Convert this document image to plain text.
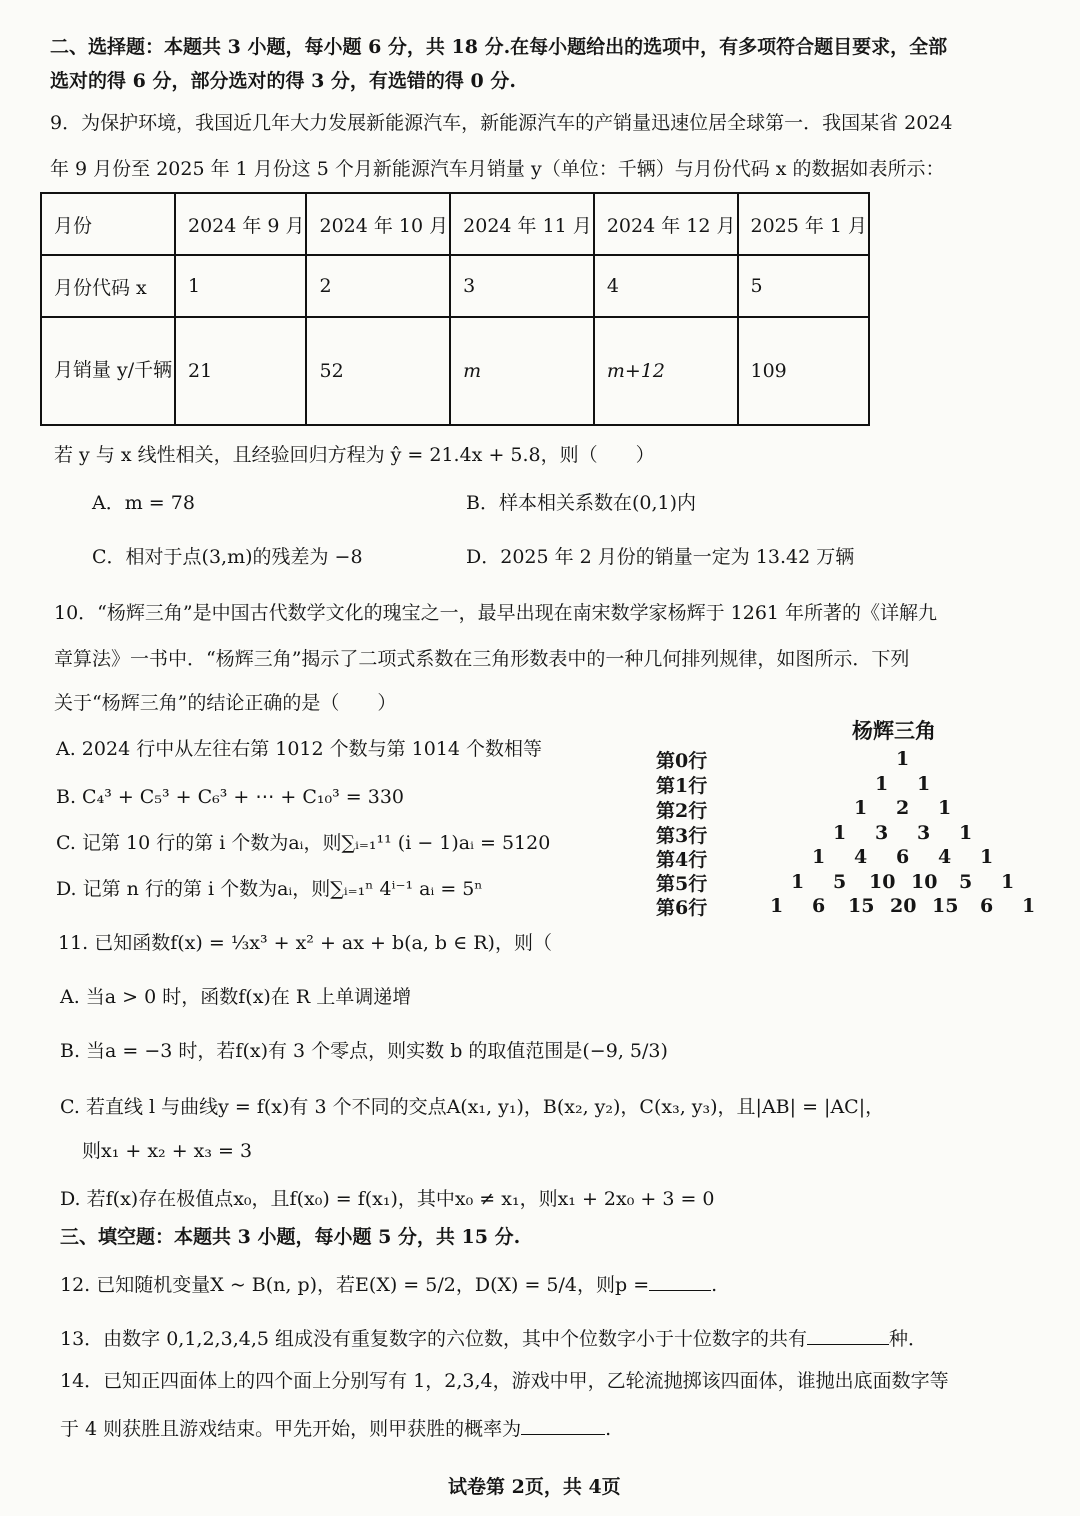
二、选择题：本题共 3 小题，每小题 6 分，共 18 分.在每小题给出的选项中，有多项符合题目要求，全部
选对的得 6 分，部分选对的得 3 分，有选错的得 0 分.
9．为保护环境，我国近几年大力发展新能源汽车，新能源汽车的产销量迅速位居全球第一．我国某省 2024
年 9 月份至 2025 年 1 月份这 5 个月新能源汽车月销量 y（单位：千辆）与月份代码 x 的数据如表所示：
月份	2024 年 9 月	2024 年 10 月	2024 年 11 月	2024 年 12 月	2025 年 1 月
月份代码 x	1	2	3	4	5
月销量 y/千辆	21	52	m	m+12	109
若 y 与 x 线性相关，且经验回归方程为 ŷ = 21.4x + 5.8，则（　　）
A．m = 78	B．样本相关系数在(0,1)内
C．相对于点(3,m)的残差为 −8	D．2025 年 2 月份的销量一定为 13.42 万辆
10．“杨辉三角”是中国古代数学文化的瑰宝之一，最早出现在南宋数学家杨辉于 1261 年所著的《详解九
章算法》一书中．“杨辉三角”揭示了二项式系数在三角形数表中的一种几何排列规律，如图所示．下列
关于“杨辉三角”的结论正确的是（　　）
A. 2024 行中从左往右第 1012 个数与第 1014 个数相等
B. C₄³ + C₅³ + C₆³ + ⋯ + C₁₀³ = 330
C. 记第 10 行的第 i 个数为aᵢ，则∑ᵢ₌₁¹¹ (i − 1)aᵢ = 5120
D. 记第 n 行的第 i 个数为aᵢ，则∑ᵢ₌₁ⁿ 4ⁱ⁻¹ aᵢ = 5ⁿ
杨辉三角
第0行
第1行
第2行
第3行
第4行
第5行
第6行
1
1 1
1 2 1
1 3 3 1
1 4 6 4 1
1 5 10 10 5 1
1 6 15 20 15 6 1
11. 已知函数f(x) = ⅓x³ + x² + ax + b(a, b ∈ R)，则（
A. 当a > 0 时，函数f(x)在 R 上单调递增
B. 当a = −3 时，若f(x)有 3 个零点，则实数 b 的取值范围是(−9, 5/3)
C. 若直线 l 与曲线y = f(x)有 3 个不同的交点A(x₁, y₁)，B(x₂, y₂)，C(x₃, y₃)，且|AB| = |AC|，
则x₁ + x₂ + x₃ = 3
D. 若f(x)存在极值点x₀，且f(x₀) = f(x₁)，其中x₀ ≠ x₁，则x₁ + 2x₀ + 3 = 0
三、填空题：本题共 3 小题，每小题 5 分，共 15 分.
12. 已知随机变量X ~ B(n, p)，若E(X) = 5/2，D(X) = 5/4，则p =	.
13．由数字 0,1,2,3,4,5 组成没有重复数字的六位数，其中个位数字小于十位数字的共有	种．
14．已知正四面体上的四个面上分别写有 1，2,3,4，游戏中甲，乙轮流抛掷该四面体，谁抛出底面数字等
于 4 则获胜且游戏结束。甲先开始，则甲获胜的概率为	.
试卷第 2页，共 4页
